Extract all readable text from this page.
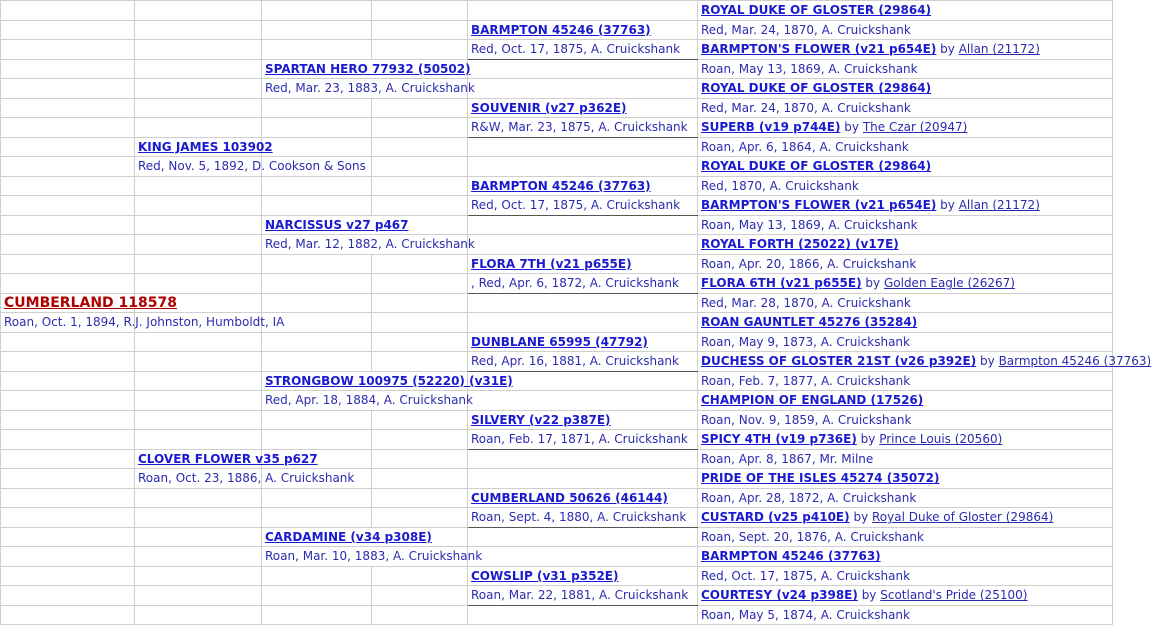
					ROYAL DUKE OF GLOSTER (29864)
				BARMPTON 45246 (37763)	Red, Mar. 24, 1870, A. Cruickshank
				Red, Oct. 17, 1875, A. Cruickshank	BARMPTON'S FLOWER (v21 p654E) by Allan (21172)
		SPARTAN HERO 77932 (50502)			Roan, May 13, 1869, A. Cruickshank
		Red, Mar. 23, 1883, A. Cruickshank			ROYAL DUKE OF GLOSTER (29864)
				SOUVENIR (v27 p362E)	Red, Mar. 24, 1870, A. Cruickshank
				R&W, Mar. 23, 1875, A. Cruickshank	SUPERB (v19 p744E) by The Czar (20947)
	KING JAMES 103902				Roan, Apr. 6, 1864, A. Cruickshank
	Red, Nov. 5, 1892, D. Cookson & Sons				ROYAL DUKE OF GLOSTER (29864)
				BARMPTON 45246 (37763)	Red, 1870, A. Cruickshank
				Red, Oct. 17, 1875, A. Cruickshank	BARMPTON'S FLOWER (v21 p654E) by Allan (21172)
		NARCISSUS v27 p467			Roan, May 13, 1869, A. Cruickshank
		Red, Mar. 12, 1882, A. Cruickshank			ROYAL FORTH (25022) (v17E)
				FLORA 7TH (v21 p655E)	Roan, Apr. 20, 1866, A. Cruickshank
				, Red, Apr. 6, 1872, A. Cruickshank	FLORA 6TH (v21 p655E) by Golden Eagle (26267)
CUMBERLAND 118578					Red, Mar. 28, 1870, A. Cruickshank
Roan, Oct. 1, 1894, R.J. Johnston, Humboldt, IA					ROAN GAUNTLET 45276 (35284)
				DUNBLANE 65995 (47792)	Roan, May 9, 1873, A. Cruickshank
				Red, Apr. 16, 1881, A. Cruickshank	DUCHESS OF GLOSTER 21ST (v26 p392E) by Barmpton 45246 (37763)
		STRONGBOW 100975 (52220) (v31E)			Roan, Feb. 7, 1877, A. Cruickshank
		Red, Apr. 18, 1884, A. Cruickshank			CHAMPION OF ENGLAND (17526)
				SILVERY (v22 p387E)	Roan, Nov. 9, 1859, A. Cruickshank
				Roan, Feb. 17, 1871, A. Cruickshank	SPICY 4TH (v19 p736E) by Prince Louis (20560)
	CLOVER FLOWER v35 p627				Roan, Apr. 8, 1867, Mr. Milne
	Roan, Oct. 23, 1886, A. Cruickshank				PRIDE OF THE ISLES 45274 (35072)
				CUMBERLAND 50626 (46144)	Roan, Apr. 28, 1872, A. Cruickshank
				Roan, Sept. 4, 1880, A. Cruickshank	CUSTARD (v25 p410E) by Royal Duke of Gloster (29864)
		CARDAMINE (v34 p308E)			Roan, Sept. 20, 1876, A. Cruickshank
		Roan, Mar. 10, 1883, A. Cruickshank			BARMPTON 45246 (37763)
				COWSLIP (v31 p352E)	Red, Oct. 17, 1875, A. Cruickshank
				Roan, Mar. 22, 1881, A. Cruickshank	COURTESY (v24 p398E) by Scotland's Pride (25100)
					Roan, May 5, 1874, A. Cruickshank
